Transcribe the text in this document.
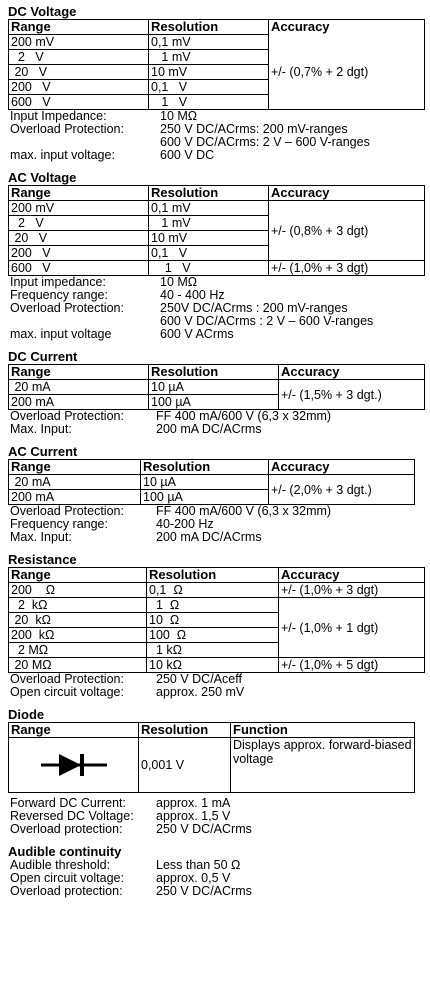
DC Voltage
Range	Resolution	Accuracy
200 mV	0,1 mV	+/- (0,7% + 2 dgt)
2   V	1 mV	
20   V	10 mV	
200   V	0,1   V	
600   V	1   V	
Input Impedance:	10 MΩ
Overload Protection:	250 V DC/ACrms: 200 mV-ranges
600 V DC/ACrms: 2 V – 600 V-ranges
max. input voltage:	600 V DC
AC Voltage
Range	Resolution	Accuracy
200 mV	0,1 mV	+/- (0,8% + 3 dgt)
2   V	1 mV	
20   V	10 mV	
200   V	0,1   V	
600   V	1   V	+/- (1,0% + 3 dgt)
Input impedance:	10 MΩ
Frequency range:	40 - 400 Hz
Overload Protection:	250V DC/ACrms : 200 mV-ranges
600 V DC/ACrms : 2 V – 600 V-ranges
max. input voltage	600 V ACrms
DC Current
Range	Resolution	Accuracy
20 mA	10 µA	+/- (1,5% + 3 dgt.)
200 mA	100 µA	
Overload Protection:	FF 400 mA/600 V (6,3 x 32mm)
Max. Input:	200 mA DC/ACrms
AC Current
Range	Resolution	Accuracy
20 mA	10 µA	+/- (2,0% + 3 dgt.)
200 mA	100 µA	
Overload Protection:	FF 400 mA/600 V (6,3 x 32mm)
Frequency range:	40-200 Hz
Max. Input:	200 mA DC/ACrms
Resistance
Range	Resolution	Accuracy
200    Ω	0,1  Ω	+/- (1,0% + 3 dgt)
2  kΩ	1  Ω	+/- (1,0% + 1 dgt)
20  kΩ	10  Ω	
200  kΩ	100  Ω	
2 MΩ	1 kΩ	
20 MΩ	10 kΩ	+/- (1,0% + 5 dgt)
Overload Protection:	250 V DC/Aceff
Open circuit voltage:	approx. 250 mV
Diode
Range	Resolution	Function

	0,001 V	Displays approx. forward-biased voltage
Forward DC Current:	approx. 1 mA
Reversed DC Voltage:	approx. 1,5 V
Overload protection:	250 V DC/ACrms
Audible continuity
Audible threshold:	Less than 50 Ω
Open circuit voltage:	approx. 0,5 V
Overload protection:	250 V DC/ACrms
